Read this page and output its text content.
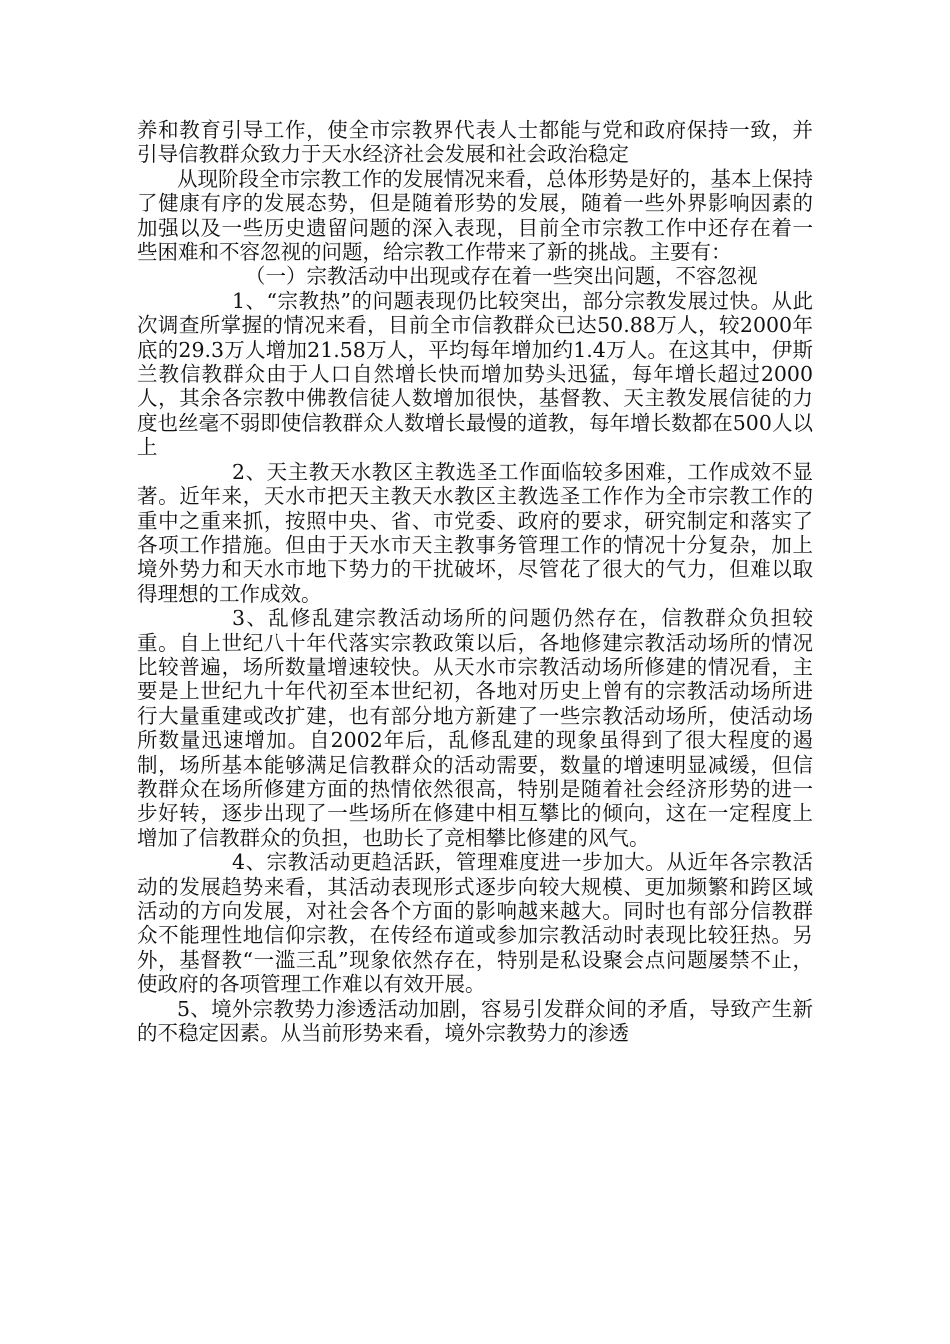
养和教育引导工作，使全市宗教界代表人士都能与党和政府保持一致，并引导信教群众致力于天水经济社会发展和社会政治稳定

从现阶段全市宗教工作的发展情况来看，总体形势是好的，基本上保持了健康有序的发展态势，但是随着形势的发展，随着一些外界影响因素的加强以及一些历史遗留问题的深入表现，目前全市宗教工作中还存在着一些困难和不容忽视的问题，给宗教工作带来了新的挑战。主要有：

（一）宗教活动中出现或存在着一些突出问题，不容忽视

1、“宗教热”的问题表现仍比较突出，部分宗教发展过快。从此次调查所掌握的情况来看，目前全市信教群众已达50.88万人，较2000年底的29.3万人增加21.58万人，平均每年增加约1.4万人。在这其中，伊斯兰教信教群众由于人口自然增长快而增加势头迅猛，每年增长超过2000人，其余各宗教中佛教信徒人数增加很快，基督教、天主教发展信徒的力度也丝毫不弱即使信教群众人数增长最慢的道教，每年增长数都在500人以上

2、天主教天水教区主教选圣工作面临较多困难，工作成效不显著。近年来，天水市把天主教天水教区主教选圣工作作为全市宗教工作的重中之重来抓，按照中央、省、市党委、政府的要求，研究制定和落实了各项工作措施。但由于天水市天主教事务管理工作的情况十分复杂，加上境外势力和天水市地下势力的干扰破坏，尽管花了很大的气力，但难以取得理想的工作成效。

3、乱修乱建宗教活动场所的问题仍然存在，信教群众负担较重。自上世纪八十年代落实宗教政策以后，各地修建宗教活动场所的情况比较普遍，场所数量增速较快。从天水市宗教活动场所修建的情况看，主要是上世纪九十年代初至本世纪初，各地对历史上曾有的宗教活动场所进行大量重建或改扩建，也有部分地方新建了一些宗教活动场所，使活动场所数量迅速增加。自2002年后，乱修乱建的现象虽得到了很大程度的遏制，场所基本能够满足信教群众的活动需要，数量的增速明显减缓，但信教群众在场所修建方面的热情依然很高，特别是随着社会经济形势的进一步好转，逐步出现了一些场所在修建中相互攀比的倾向，这在一定程度上增加了信教群众的负担，也助长了竞相攀比修建的风气。

4、宗教活动更趋活跃，管理难度进一步加大。从近年各宗教活动的发展趋势来看，其活动表现形式逐步向较大规模、更加频繁和跨区域活动的方向发展，对社会各个方面的影响越来越大。同时也有部分信教群众不能理性地信仰宗教，在传经布道或参加宗教活动时表现比较狂热。另外，基督教“一滥三乱”现象依然存在，特别是私设聚会点问题屡禁不止，使政府的各项管理工作难以有效开展。

5、境外宗教势力渗透活动加剧，容易引发群众间的矛盾，导致产生新的不稳定因素。从当前形势来看，境外宗教势力的渗透
